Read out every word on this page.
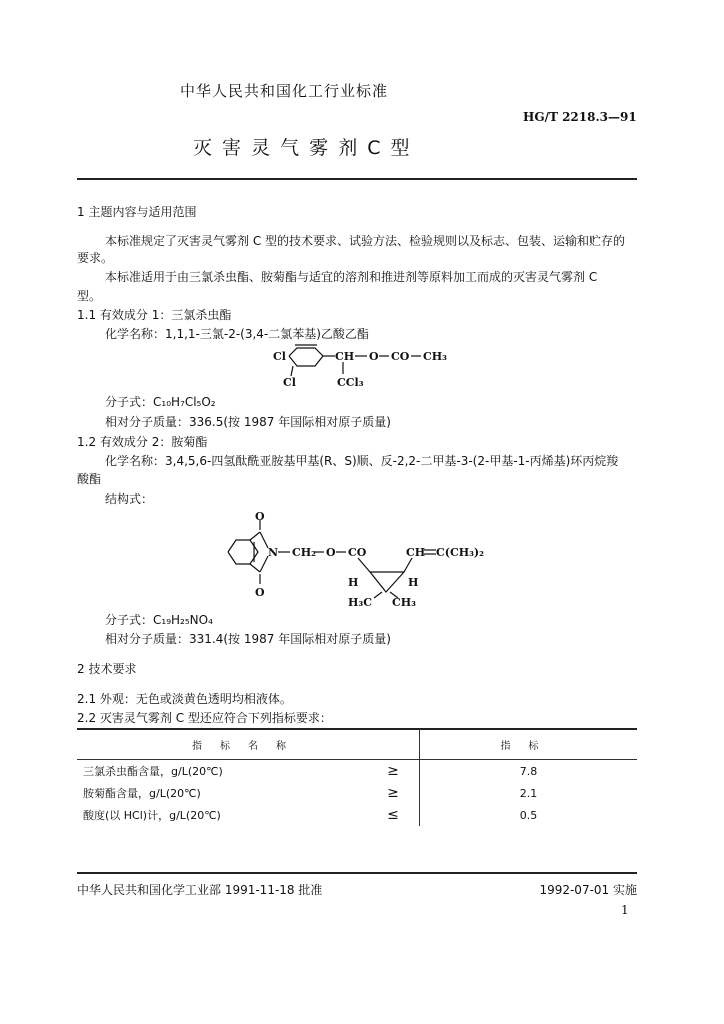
中华人民共和国化工行业标准
HG/T 2218.3—91
灭 害 灵 气 雾 剂 C 型
1 主题内容与适用范围
本标准规定了灭害灵气雾剂 C 型的技术要求、试验方法、检验规则以及标志、包装、运输和贮存的
要求。
本标准适用于由三氯杀虫酯、胺菊酯与适宜的溶剂和推进剂等原料加工而成的灭害灵气雾剂 C
型。
1.1 有效成分 1：三氯杀虫酯
化学名称：1,1,1-三氯-2-(3,4-二氯苯基)乙酸乙酯
Cl
Cl
CH O CO CH₃
CCl₃
分子式：C₁₀H₇Cl₅O₂
相对分子质量：336.5(按 1987 年国际相对原子质量)
1.2 有效成分 2：胺菊酯
化学名称：3,4,5,6-四氢酞酰亚胺基甲基(R、S)顺、反-2,2-二甲基-3-(2-甲基-1-丙烯基)环丙烷羧
酸酯
结构式：
O
O
N CH₂ O CO
H	H
H₃C CH₃
CH C(CH₃)₂
分子式：C₁₉H₂₅NO₄
相对分子质量：331.4(按 1987 年国际相对原子质量)
2 技术要求
2.1 外观：无色或淡黄色透明均相液体。
2.2 灭害灵气雾剂 C 型还应符合下列指标要求：
指标名称		指标
三氯杀虫酯含量，g/L(20℃)	≥	7.8
胺菊酯含量，g/L(20℃)	≥	2.1
酸度(以 HCl)计，g/L(20℃)	≤	0.5
中华人民共和国化学工业部 1991-11-18 批准	1992-07-01 实施
1
